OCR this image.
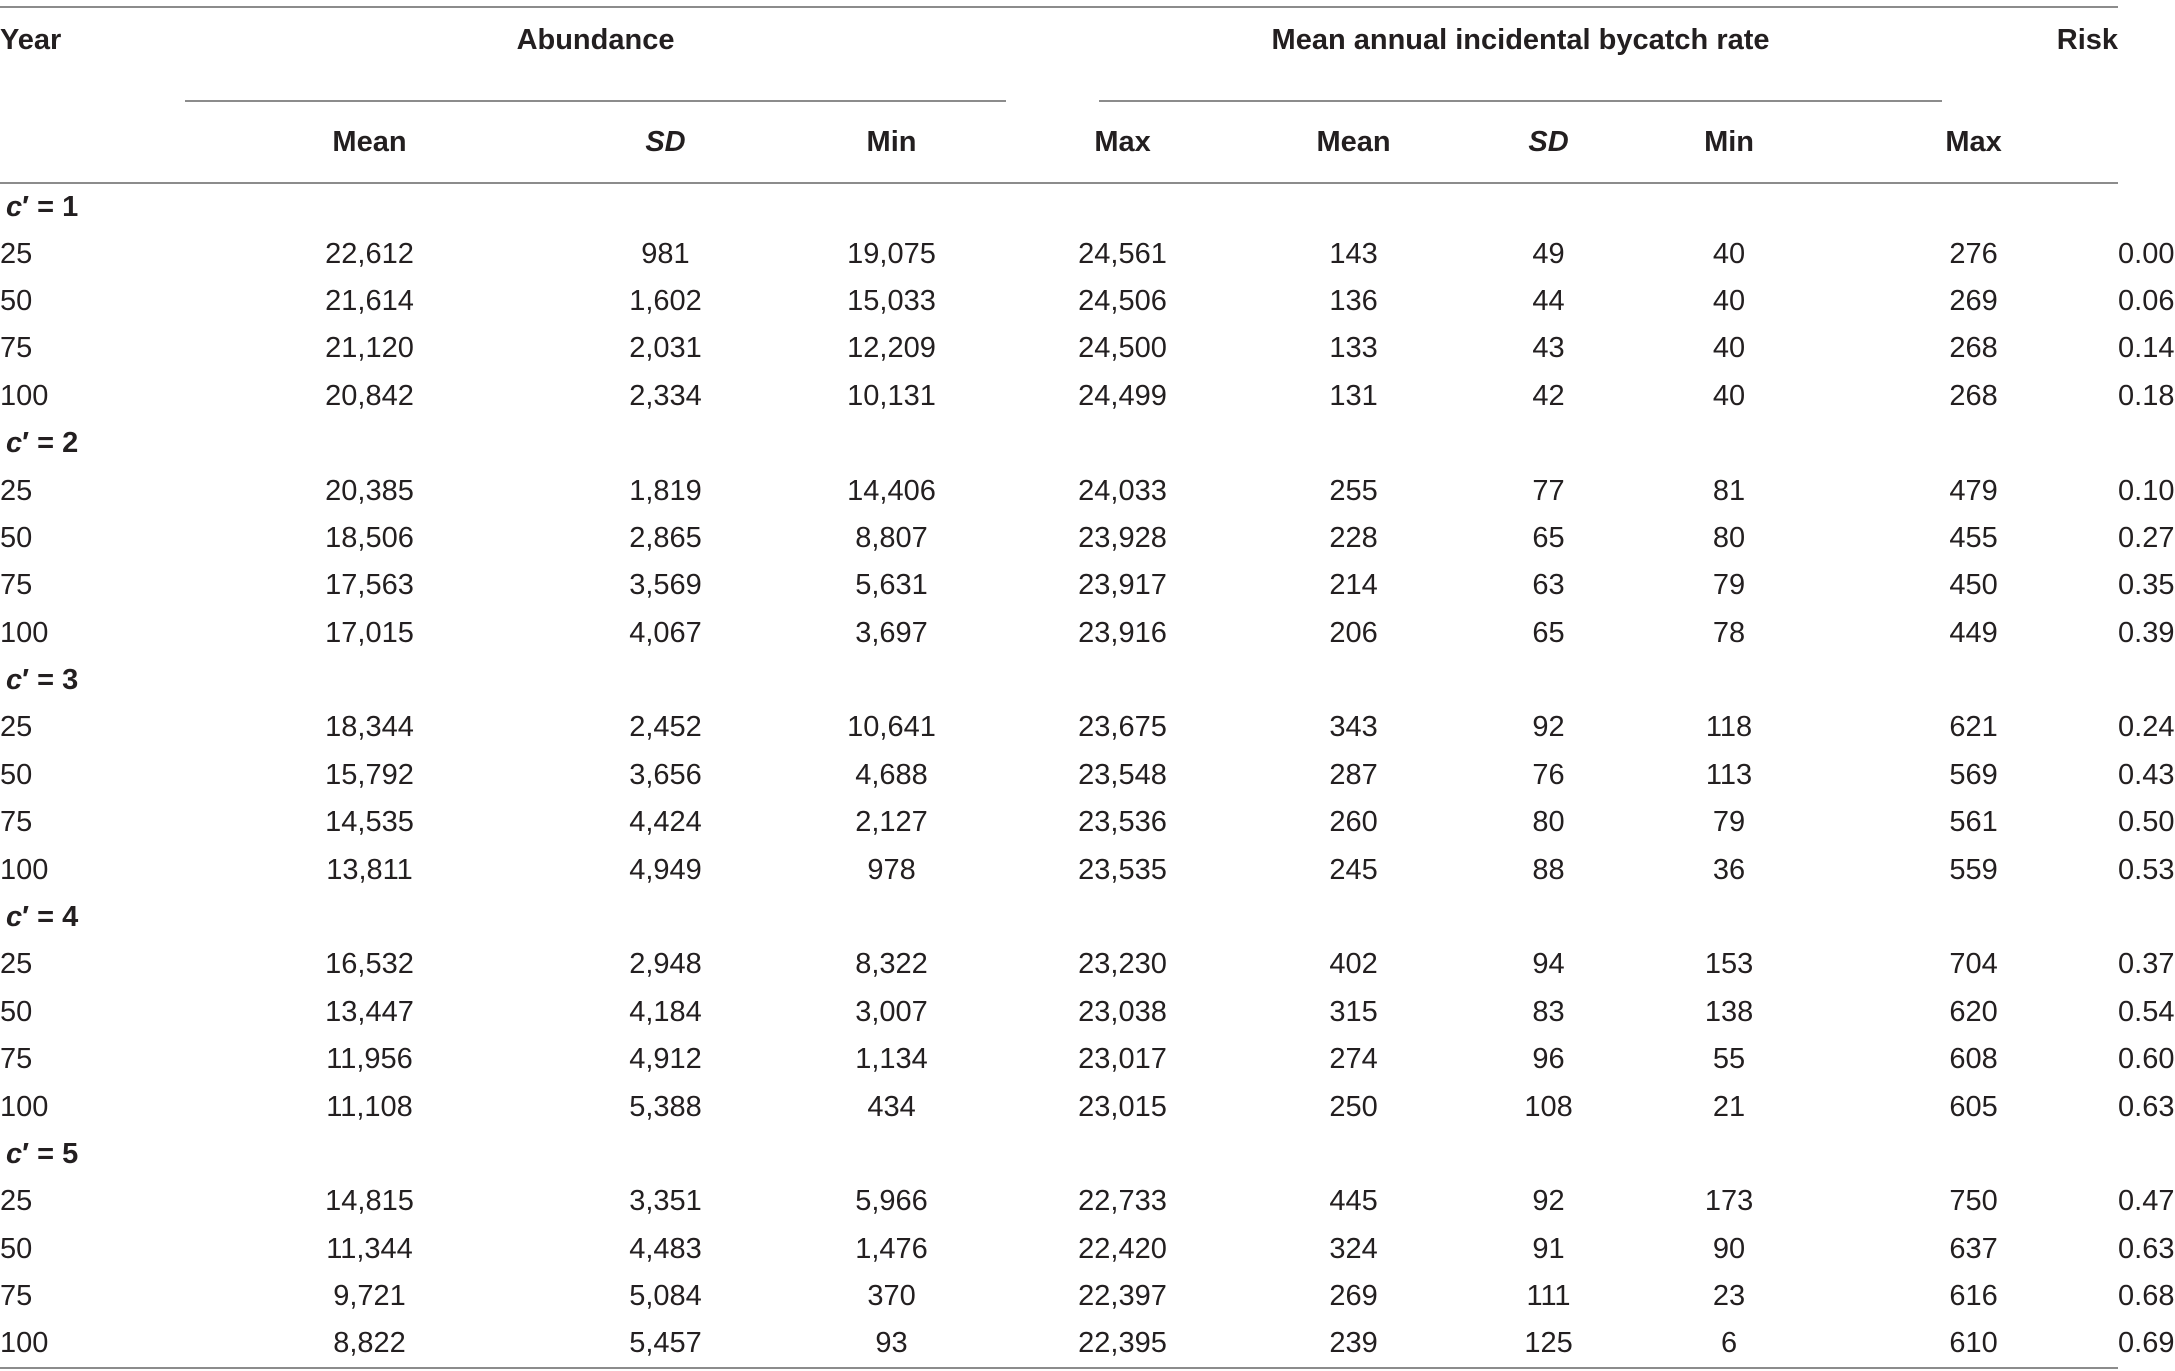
Year	Abundance				Mean annual incidental bycatch rate					Risk	
	Mean	SD	Min	Max		Mean	SD	Min	Max		
c′ = 1											
25	22,612	981	19,075	24,561		143	49	40	276		0.00
50	21,614	1,602	15,033	24,506		136	44	40	269		0.06
75	21,120	2,031	12,209	24,500		133	43	40	268		0.14
100	20,842	2,334	10,131	24,499		131	42	40	268		0.18
c′ = 2											
25	20,385	1,819	14,406	24,033		255	77	81	479		0.10
50	18,506	2,865	8,807	23,928		228	65	80	455		0.27
75	17,563	3,569	5,631	23,917		214	63	79	450		0.35
100	17,015	4,067	3,697	23,916		206	65	78	449		0.39
c′ = 3											
25	18,344	2,452	10,641	23,675		343	92	118	621		0.24
50	15,792	3,656	4,688	23,548		287	76	113	569		0.43
75	14,535	4,424	2,127	23,536		260	80	79	561		0.50
100	13,811	4,949	978	23,535		245	88	36	559		0.53
c′ = 4											
25	16,532	2,948	8,322	23,230		402	94	153	704		0.37
50	13,447	4,184	3,007	23,038		315	83	138	620		0.54
75	11,956	4,912	1,134	23,017		274	96	55	608		0.60
100	11,108	5,388	434	23,015		250	108	21	605		0.63
c′ = 5											
25	14,815	3,351	5,966	22,733		445	92	173	750		0.47
50	11,344	4,483	1,476	22,420		324	91	90	637		0.63
75	9,721	5,084	370	22,397		269	111	23	616		0.68
100	8,822	5,457	93	22,395		239	125	6	610		0.69
